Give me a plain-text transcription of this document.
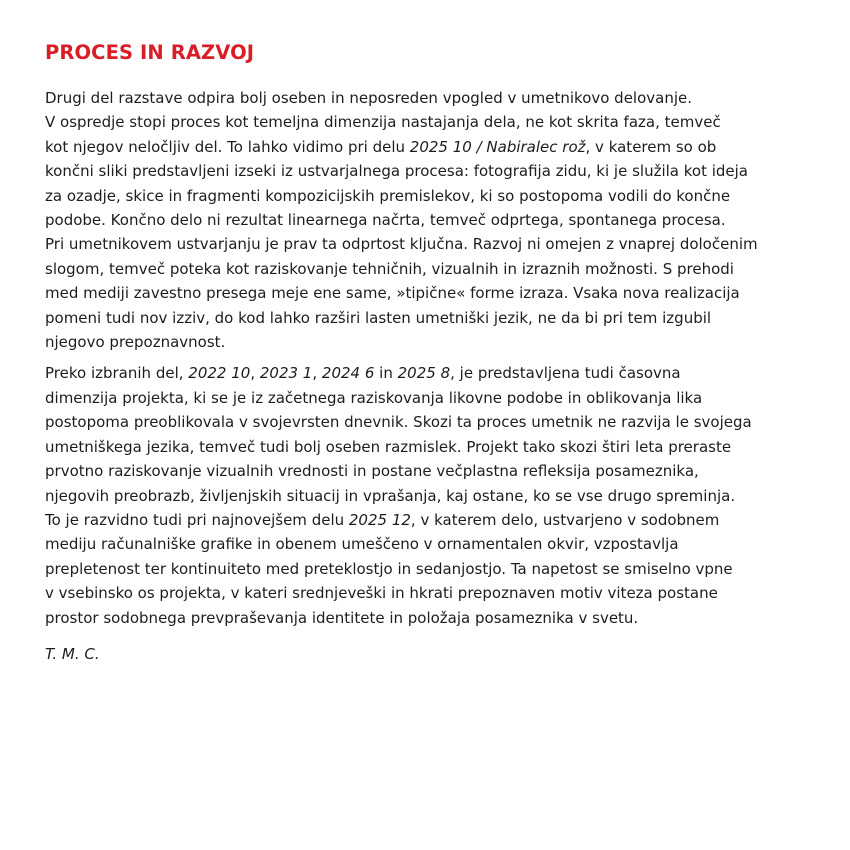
PROCES IN RAZVOJ
Drugi del razstave odpira bolj oseben in neposreden vpogled v umetnikovo delovanje.
V ospredje stopi proces kot temeljna dimenzija nastajanja dela, ne kot skrita faza, temveč
kot njegov neločljiv del. To lahko vidimo pri delu 2025 10 / Nabiralec rož, v katerem so ob
končni sliki predstavljeni izseki iz ustvarjalnega procesa: fotografija zidu, ki je služila kot ideja
za ozadje, skice in fragmenti kompozicijskih premislekov, ki so postopoma vodili do končne
podobe. Končno delo ni rezultat linearnega načrta, temveč odprtega, spontanega procesa.
Pri umetnikovem ustvarjanju je prav ta odprtost ključna. Razvoj ni omejen z vnaprej določenim
slogom, temveč poteka kot raziskovanje tehničnih, vizualnih in izraznih možnosti. S prehodi
med mediji zavestno presega meje ene same, »tipične« forme izraza. Vsaka nova realizacija
pomeni tudi nov izziv, do kod lahko razširi lasten umetniški jezik, ne da bi pri tem izgubil
njegovo prepoznavnost.
Preko izbranih del, 2022 10, 2023 1, 2024 6 in 2025 8, je predstavljena tudi časovna
dimenzija projekta, ki se je iz začetnega raziskovanja likovne podobe in oblikovanja lika
postopoma preoblikovala v svojevrsten dnevnik. Skozi ta proces umetnik ne razvija le svojega
umetniškega jezika, temveč tudi bolj oseben razmislek. Projekt tako skozi štiri leta preraste
prvotno raziskovanje vizualnih vrednosti in postane večplastna refleksija posameznika,
njegovih preobrazb, življenjskih situacij in vprašanja, kaj ostane, ko se vse drugo spreminja.
To je razvidno tudi pri najnovejšem delu 2025 12, v katerem delo, ustvarjeno v sodobnem
mediju računalniške grafike in obenem umeščeno v ornamentalen okvir, vzpostavlja
prepletenost ter kontinuiteto med preteklostjo in sedanjostjo. Ta napetost se smiselno vpne
v vsebinsko os projekta, v kateri srednjeveški in hkrati prepoznaven motiv viteza postane
prostor sodobnega prevpraševanja identitete in položaja posameznika v svetu.
T. M. C.
